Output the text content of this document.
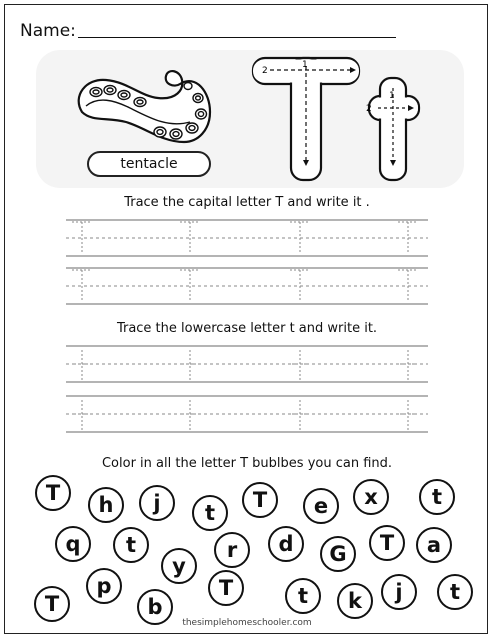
Name:
tentacle
2
1
2
1
Trace the capital letter T and write it .
Trace the lowercase letter t and write it.
Color in all the letter T bublbes you can find.
T	h	j	t
T	e	x	t
q	t
y
r	d	G	T	a
T
p
b
T	t	k	j	t
thesimplehomeschooler.com
